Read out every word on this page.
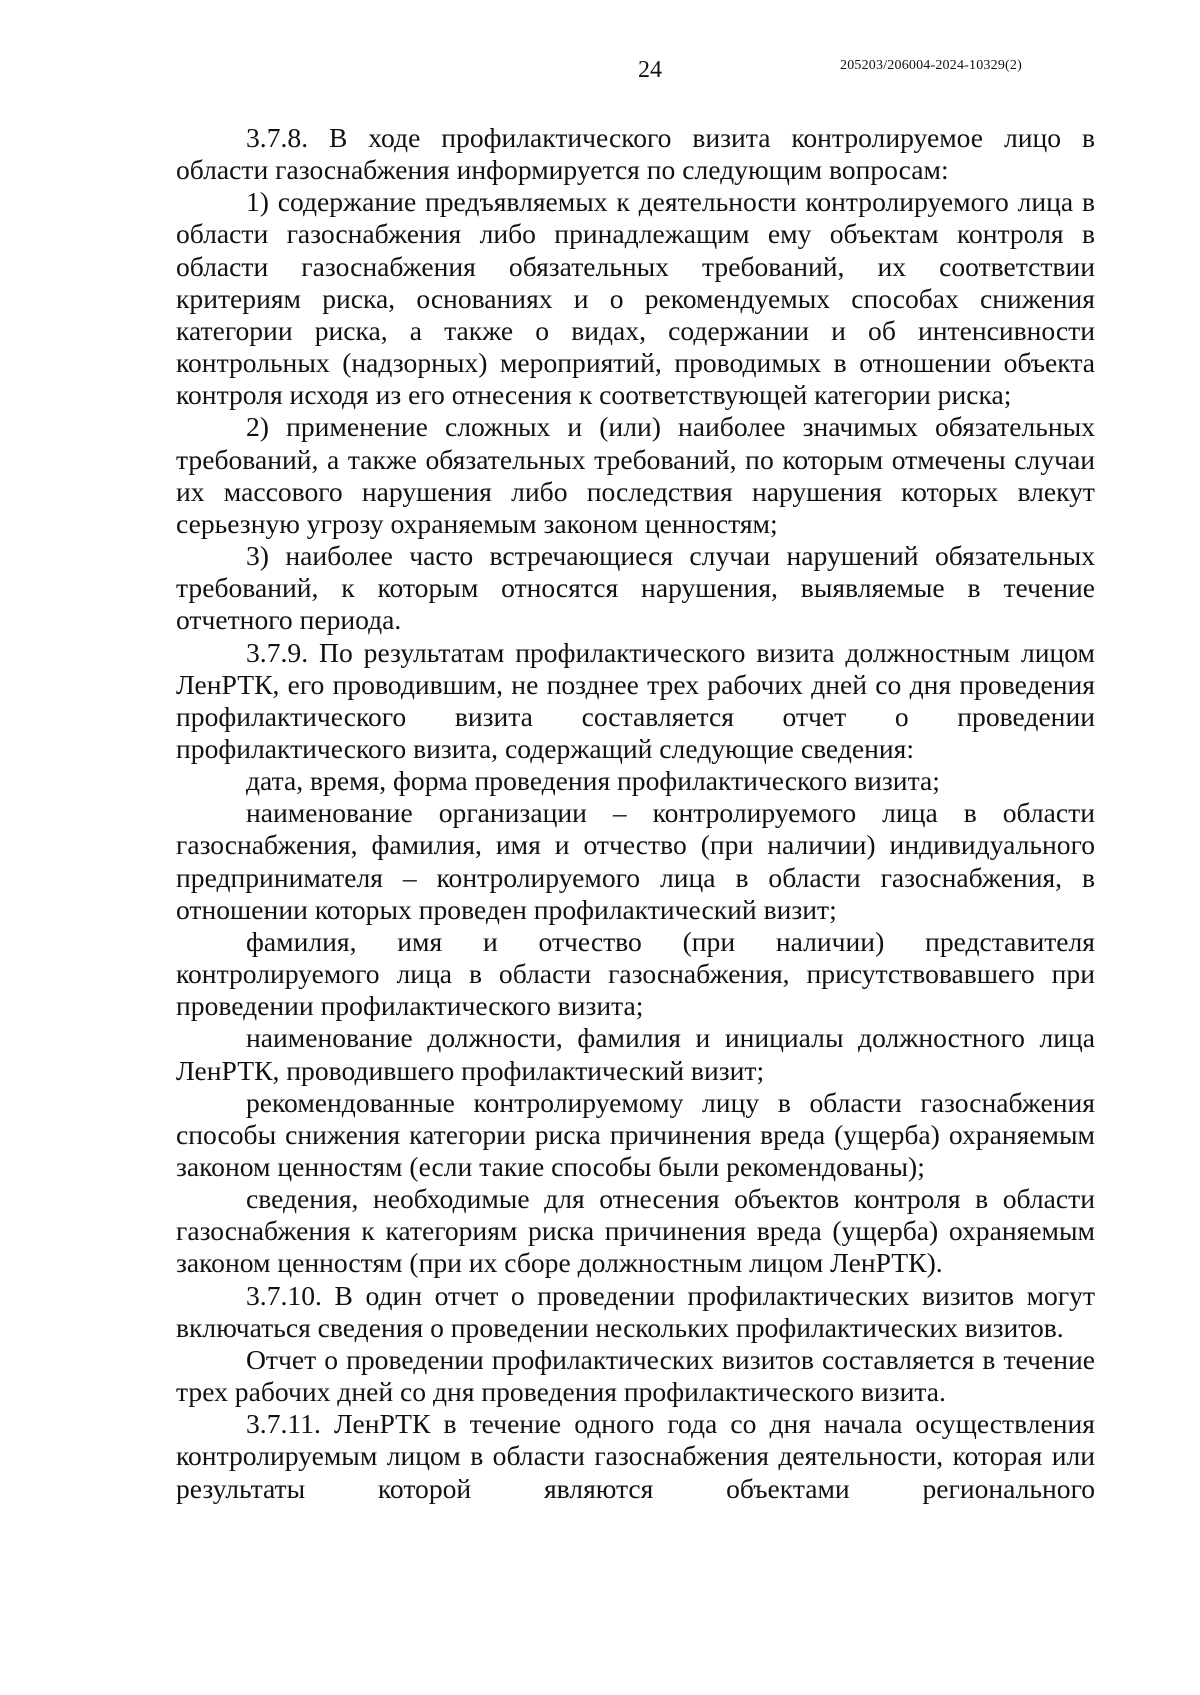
24	205203/206004-2024-10329(2)

3.7.8. В ходе профилактического визита контролируемое лицо в области газоснабжения информируется по следующим вопросам:

1) содержание предъявляемых к деятельности контролируемого лица в области газоснабжения либо принадлежащим ему объектам контроля в области газоснабжения обязательных требований, их соответствии критериям риска, основаниях и о рекомендуемых способах снижения категории риска, а также о видах, содержании и об интенсивности контрольных (надзорных) мероприятий, проводимых в отношении объекта контроля исходя из его отнесения к соответствующей категории риска;

2) применение сложных и (или) наиболее значимых обязательных требований, а также обязательных требований, по которым отмечены случаи их массового нарушения либо последствия нарушения которых влекут серьезную угрозу охраняемым законом ценностям;

3) наиболее часто встречающиеся случаи нарушений обязательных требований, к которым относятся нарушения, выявляемые в течение отчетного периода.

3.7.9. По результатам профилактического визита должностным лицом ЛенРТК, его проводившим, не позднее трех рабочих дней со дня проведения профилактического визита составляется отчет о проведении профилактического визита, содержащий следующие сведения:

дата, время, форма проведения профилактического визита;

наименование организации – контролируемого лица в области газоснабжения, фамилия, имя и отчество (при наличии) индивидуального предпринимателя – контролируемого лица в области газоснабжения, в отношении которых проведен профилактический визит;

фамилия, имя и отчество (при наличии) представителя контролируемого лица в области газоснабжения, присутствовавшего при проведении профилактического визита;

наименование должности, фамилия и инициалы должностного лица ЛенРТК, проводившего профилактический визит;

рекомендованные контролируемому лицу в области газоснабжения способы снижения категории риска причинения вреда (ущерба) охраняемым законом ценностям (если такие способы были рекомендованы);

сведения, необходимые для отнесения объектов контроля в области газоснабжения к категориям риска причинения вреда (ущерба) охраняемым законом ценностям (при их сборе должностным лицом ЛенРТК).

3.7.10. В один отчет о проведении профилактических визитов могут включаться сведения о проведении нескольких профилактических визитов.

Отчет о проведении профилактических визитов составляется в течение трех рабочих дней со дня проведения профилактического визита.

3.7.11. ЛенРТК в течение одного года со дня начала осуществления контролируемым лицом в области газоснабжения деятельности, которая или результаты которой являются объектами регионального
